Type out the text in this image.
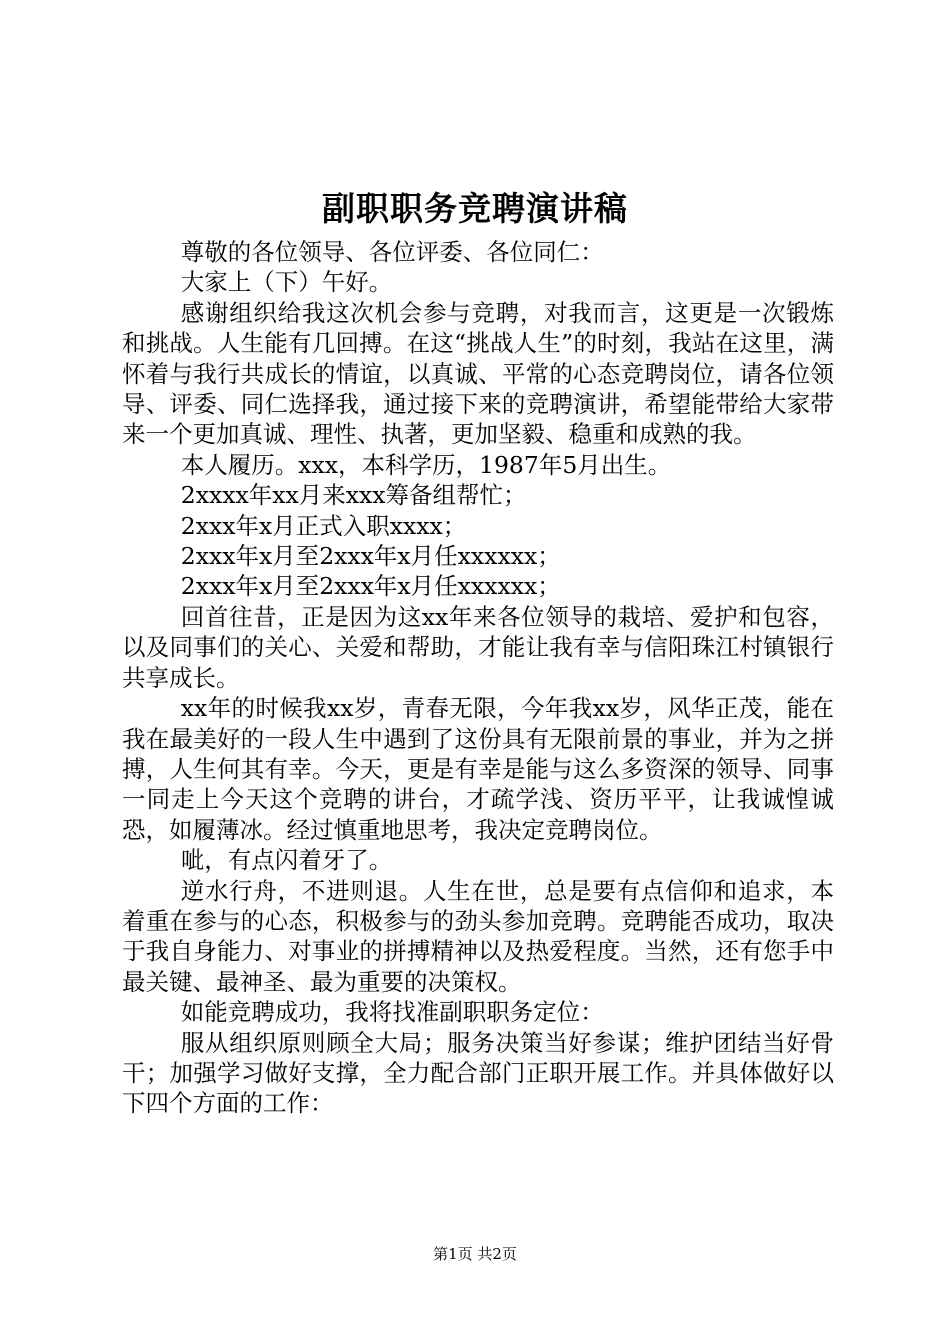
副职职务竞聘演讲稿

尊敬的各位领导、各位评委、各位同仁：

大家上（下）午好。

感谢组织给我这次机会参与竞聘，对我而言，这更是一次锻炼和挑战。人生能有几回搏。在这“挑战人生”的时刻，我站在这里，满怀着与我行共成长的情谊，以真诚、平常的心态竞聘岗位，请各位领导、评委、同仁选择我，通过接下来的竞聘演讲，希望能带给大家带来一个更加真诚、理性、执著，更加坚毅、稳重和成熟的我。

本人履历。xxx，本科学历，1987年5月出生。

2xxxx年xx月来xxx筹备组帮忙；

2xxx年x月正式入职xxxx；

2xxx年x月至2xxx年x月任xxxxxx；

2xxx年x月至2xxx年x月任xxxxxx；

回首往昔，正是因为这xx年来各位领导的栽培、爱护和包容，以及同事们的关心、关爱和帮助，才能让我有幸与信阳珠江村镇银行共享成长。

xx年的时候我xx岁，青春无限，今年我xx岁，风华正茂，能在我在最美好的一段人生中遇到了这份具有无限前景的事业，并为之拼搏，人生何其有幸。今天，更是有幸是能与这么多资深的领导、同事一同走上今天这个竞聘的讲台，才疏学浅、资历平平，让我诚惶诚恐，如履薄冰。经过慎重地思考，我决定竞聘岗位。

呲，有点闪着牙了。

逆水行舟，不进则退。人生在世，总是要有点信仰和追求，本着重在参与的心态，积极参与的劲头参加竞聘。竞聘能否成功，取决于我自身能力、对事业的拼搏精神以及热爱程度。当然，还有您手中最关键、最神圣、最为重要的决策权。

如能竞聘成功，我将找准副职职务定位：

服从组织原则顾全大局；服务决策当好参谋；维护团结当好骨干；加强学习做好支撑，全力配合部门正职开展工作。并具体做好以下四个方面的工作：

第1页 共2页
